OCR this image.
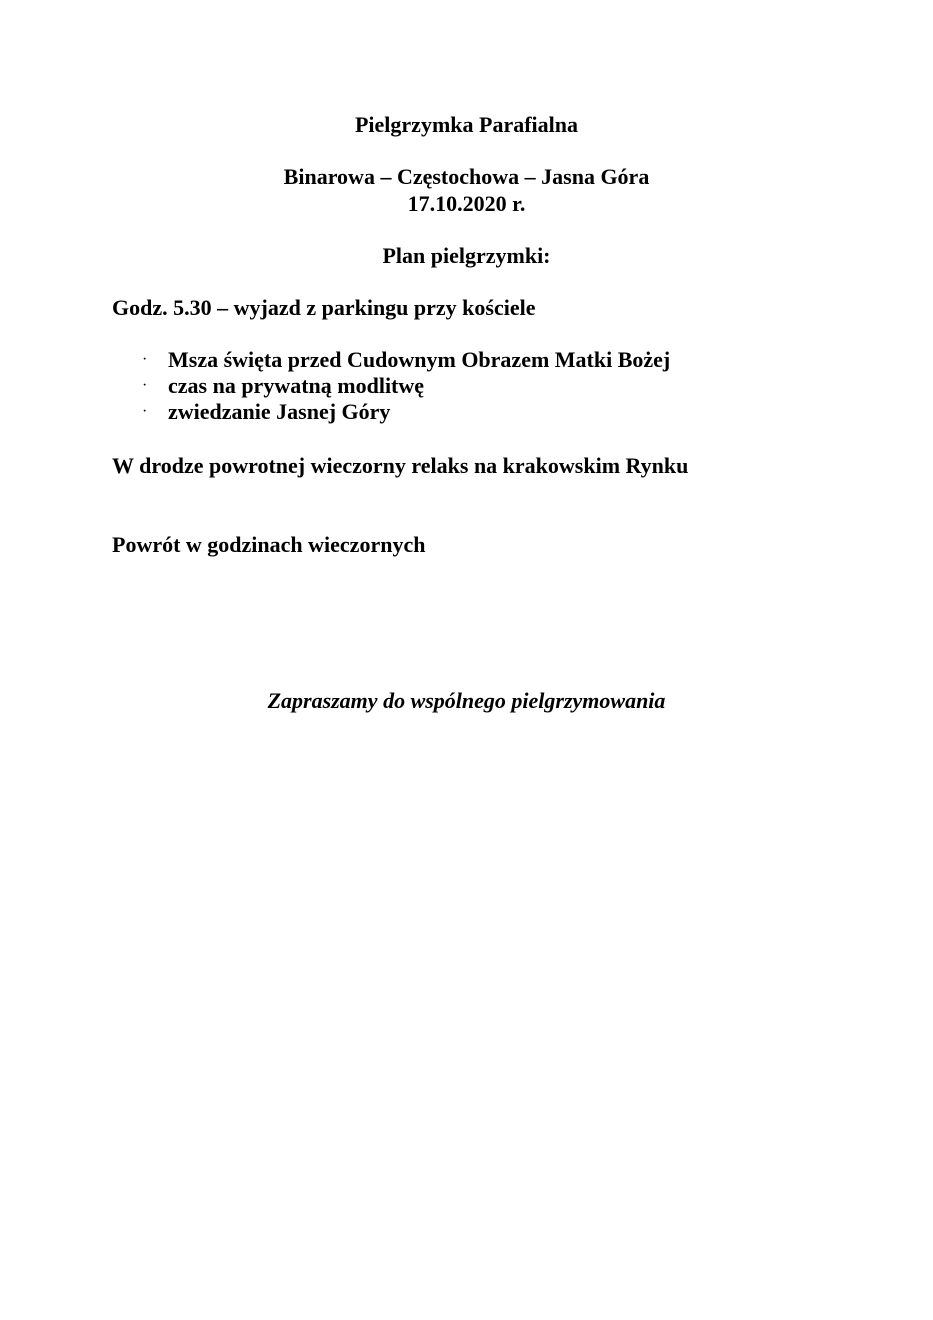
Pielgrzymka Parafialna
Binarowa – Częstochowa – Jasna Góra
17.10.2020 r.
Plan pielgrzymki:
Godz. 5.30 – wyjazd z parkingu przy kościele
· Msza święta przed Cudownym Obrazem Matki Bożej
· czas na prywatną modlitwę
· zwiedzanie Jasnej Góry
W drodze powrotnej wieczorny relaks na krakowskim Rynku
Powrót w godzinach wieczornych
Zapraszamy do wspólnego pielgrzymowania
